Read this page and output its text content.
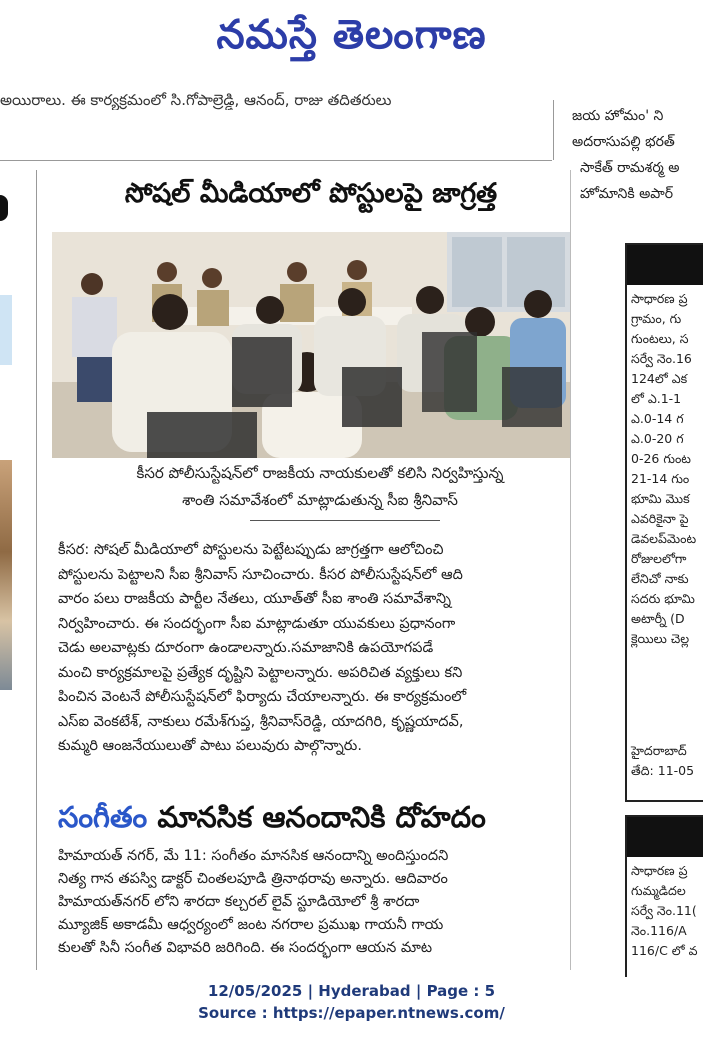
నమస్తే తెలంగాణ
అయిరాలు. ఈ కార్యక్రమంలో సి.గోపాల్రెడ్డి, ఆనంద్, రాజు తదితరులు
సోషల్ మీడియాలో పోస్టులపై జాగ్రత్త
కీసర పోలీసుస్టేషన్‌లో రాజకీయ నాయకులతో కలిసి నిర్వహిస్తున్న
శాంతి సమావేశంలో మాట్లాడుతున్న సీఐ శ్రీనివాస్
కీసర: సోషల్ మీడియాలో పోస్టులను పెట్టేటప్పుడు జాగ్రత్తగా ఆలోచించి
పోస్టులను పెట్టాలని సీఐ శ్రీనివాస్ సూచించారు. కీసర పోలీసుస్టేషన్‌లో ఆది
వారం పలు రాజకీయ పార్టీల నేతలు, యూత్‌తో సీఐ శాంతి సమావేశాన్ని
నిర్వహించారు. ఈ సందర్భంగా సీఐ మాట్లాడుతూ యువకులు ప్రధానంగా
చెడు అలవాట్లకు దూరంగా ఉండాలన్నారు.సమాజానికి ఉపయోగపడే
మంచి కార్యక్రమాలపై ప్రత్యేక దృష్టిని పెట్టాలన్నారు. అపరిచిత వ్యక్తులు కని
పించిన వెంటనే పోలీసుస్టేషన్‌లో ఫిర్యాదు చేయాలన్నారు. ఈ కార్యక్రమంలో
ఎస్ఐ వెంకటేశ్, నాకులు రమేశ్‌గుప్త, శ్రీనివాస్‌రెడ్డి, యాదగిరి, కృష్ణయాదవ్,
కుమ్మరి ఆంజనేయులుతో పాటు పలువురు పాల్గొన్నారు.
సంగీతం మానసిక ఆనందానికి దోహదం
హిమాయత్ నగర్, మే 11: సంగీతం మానసిక ఆనందాన్ని అందిస్తుందని
నిత్య గాన తపస్వి డాక్టర్ చింతలపూడి త్రినాథరావు అన్నారు. ఆదివారం
హిమాయత్‌నగర్ లోని శారదా కల్చరల్ లైవ్ స్టూడియోలో శ్రీ శారదా
మ్యూజిక్ అకాడమీ ఆధ్వర్యంలో జంట నగరాల ప్రముఖ గాయనీ గాయ
కులతో సినీ సంగీత విభావరి జరిగింది. ఈ సందర్భంగా ఆయన మాట
జయ హోమం' ని
అదరాసుపల్లి భరత్
సాకేత్ రామశర్మ అ
హోమానికి అపార్
సాధారణ ప్ర
గ్రామం, గు
గుంటలు, స
సర్వే నెం.16
124లో ఎక
లో ఎ.1-1
ఎ.0-14 గ
ఎ.0-20 గ
0-26 గుంట
21-14 గుం
భూమి మొక
ఎవరికైనా పై
డెవలప్‌మెంట
రోజులలోగా
లేనిచో నాకు
సదరు భూమి
అటార్నీ (D
క్లెయిలు చెల్ల
హైదరాబాద్
తేది: 11-05
సాధారణ ప్ర
గుమ్మడిదల
సర్వే నెం.11(
నెం.116/A
116/C లో వ
12/05/2025 | Hyderabad | Page : 5
Source : https://epaper.ntnews.com/
